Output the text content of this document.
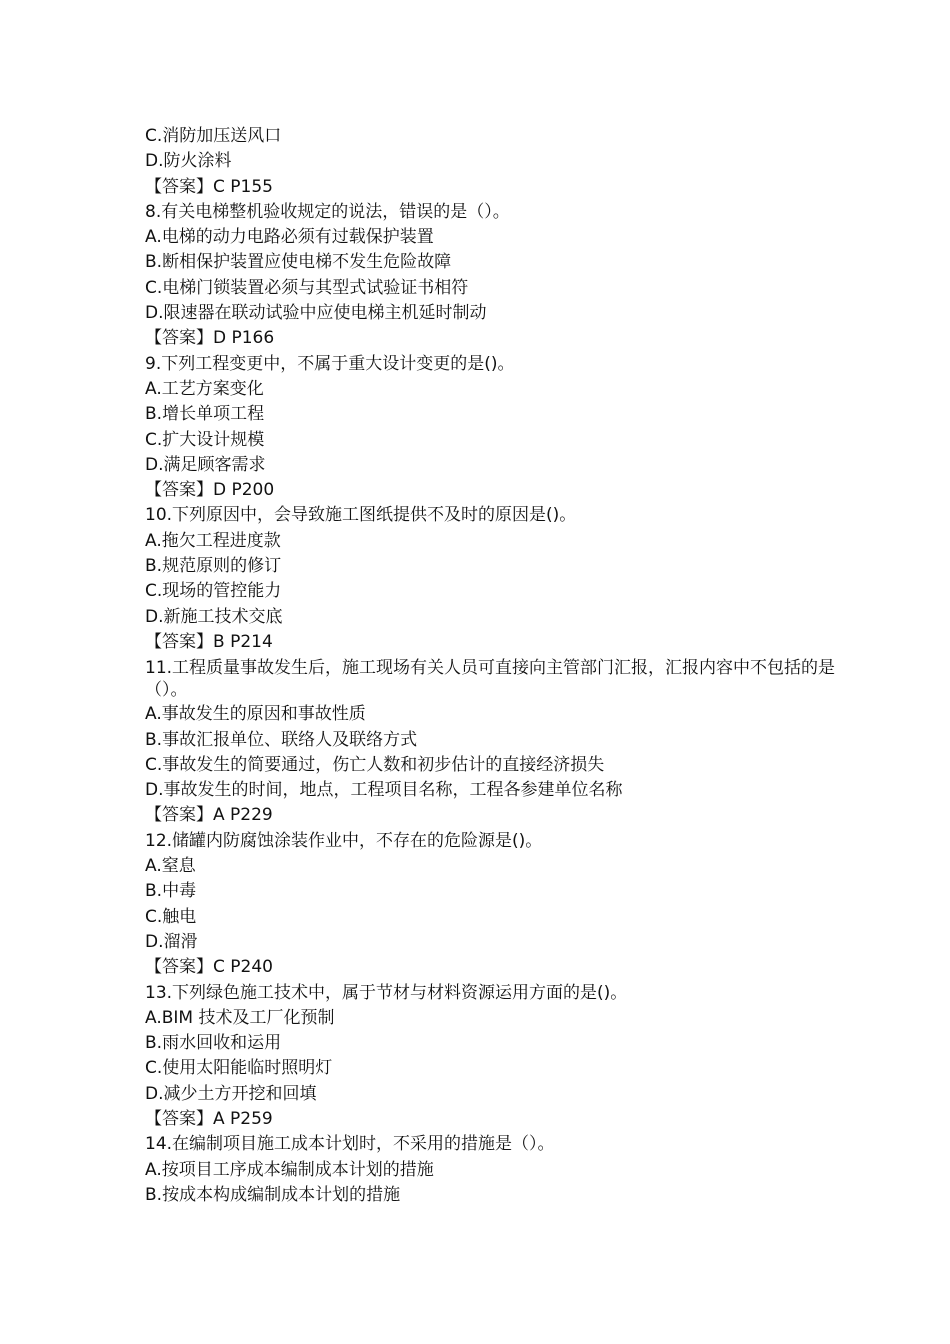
C.消防加压送风口
D.防火涂料
【答案】C P155
8.有关电梯整机验收规定的说法，错误的是（）。
A.电梯的动力电路必须有过载保护装置
B.断相保护装置应使电梯不发生危险故障
C.电梯门锁装置必须与其型式试验证书相符
D.限速器在联动试验中应使电梯主机延时制动
【答案】D P166
9.下列工程变更中，不属于重大设计变更的是()。
A.工艺方案变化
B.增长单项工程
C.扩大设计规模
D.满足顾客需求
【答案】D P200
10.下列原因中，会导致施工图纸提供不及时的原因是()。
A.拖欠工程进度款
B.规范原则的修订
C.现场的管控能力
D.新施工技术交底
【答案】B P214
11.工程质量事故发生后，施工现场有关人员可直接向主管部门汇报，汇报内容中不包括的是（）。
A.事故发生的原因和事故性质
B.事故汇报单位、联络人及联络方式
C.事故发生的简要通过，伤亡人数和初步估计的直接经济损失
D.事故发生的时间，地点，工程项目名称，工程各参建单位名称
【答案】A P229
12.储罐内防腐蚀涂装作业中，不存在的危险源是()。
A.窒息
B.中毒
C.触电
D.溜滑
【答案】C P240
13.下列绿色施工技术中，属于节材与材料资源运用方面的是()。
A.BIM 技术及工厂化预制
B.雨水回收和运用
C.使用太阳能临时照明灯
D.减少土方开挖和回填
【答案】A P259
14.在编制项目施工成本计划时，不采用的措施是（）。
A.按项目工序成本编制成本计划的措施
B.按成本构成编制成本计划的措施
